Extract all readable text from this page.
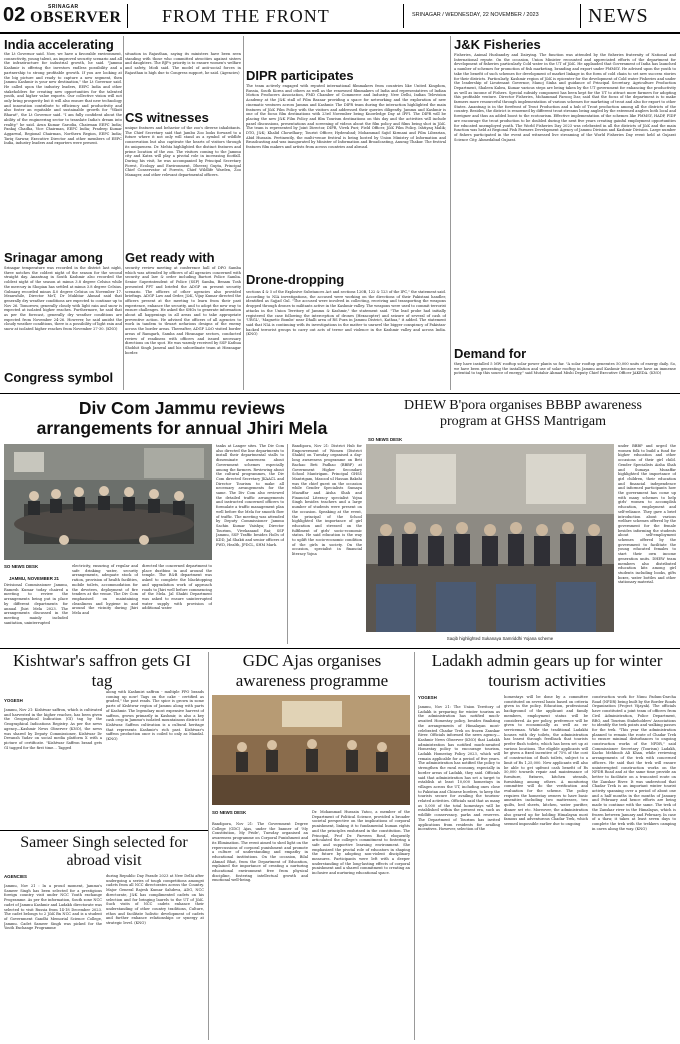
02	SRINAGAR
OBSERVER FROM THE FRONT	SRINAGAR / WEDNESDAY, 22 NOVEMBER / 2023 NEWS
India accelerating
the Lt Governor said. Now, we have a favorable environment, connectivity, young talent, an improved security scenario and all the infrastructure for industrial growth, he said. "Jammu Kashmir is offering the investors endless possibility and a partnership to strong profitable growth. If you are looking at the big picture and ready to capture a new segment, then Jammu Kashmir is your new destination," the Lt Governor said. He called upon the industry leaders, EEPC India and other stakeholders for creating new opportunities for the talented youth, and higher value exports. Our collective vision will not only bring prosperity but it will also ensure that new technology and innovation contribute to efficiency and productivity and also foster an equitable and sustainable growth for "Viksit Bharat", the Lt Governor said. "I am fully confident about the ability of the engineering sector to translate India's dream into reality," he said. Arun Kumar Garodia, Chairman EEPC India; Pankaj Chadha, Vice Chairman, EEPC India; Pradeep Kumar Aggarwal, Regional Chairman, Northern Region, EEPC India; Tariq Sarwar, Executive Director and other members of EEPC India, industry leaders and exporters were present.
situation in Rajasthan, saying its ministers have been seen standing with those who committed atrocities against sisters and daughters. The BJP's priority is to ensure women's welfare and safety, Modi said. The model of anti-social forces in Rajasthan is high due to Congress support, he said. (Agencies)
CS witnesses
unique features and behavior of the zoo's diverse inhabitants. The Chief Secretary said that Jambu Zoo looks forward to a future where it not only will stand as a symbol of wildlife conservation but also captivate the hearts of visitors through its uniqueness. Dr. Mehta highlighted the distinct features and prime location of the zoo. The visitors coming to the Jammu city and Katra will play a pivotal role in increasing footfall. During his visit, he was accompanied by Principal Secretary Forest, Ecology and Environment, Dheeraj Gupta, Principal Chief Conservator of Forests, Chief Wildlife Warden, Zoo Manager, and other relevant departmental officers.
Srinagar among
Srinagar temperature was recorded in the district last night, three notches the coldest night of the season for the second straight day. Anantnag in South Kashmir also recorded the coldest night of the season at minus 3.8 degree Celsius while the mercury in Shopian has settled at minus 3.8 degree Celsius. Gulmarg recorded minus 4.0 degree Celsius on November 17. Meanwhile, Director MeT, Dr Mukhtar Ahmad said that generally dry weather conditions are expected to continue up to Nov 26. Tomorrow, generally cloudy with light rain and snow is expected at isolated higher reaches. Furthermore, he said that as per the forecast, generally dry weather conditions are expected from November 24-26. However, he said amidst the cloudy weather conditions, there is a possibility of light rain and snow at isolated higher reaches from November 27-30. (KNO)
Get ready with
security review meeting at conference hall of DPO Samba which was attended by officers of all agencies concerned with security and law & order including Bartori Police Samba. Senior Superintendent of Police (SSP) Samba, Benam Tosh presented PPT and briefed the ADGP on present security scenario. The officers of other agencies also provided briefings. ADGP Law and Order, J&K, Vijay Kumar directed the officers present at the meeting to learn from their past experience, enhance the security, and to adopt the new way to ensure challenges. He asked the SHOs to generate information about all happenings in all areas and to take appropriate preventive action. He advised the officers of all agencies to work in tandem to thwart nefarious designs of the enemy across the border areas. Thereafter, ADGP L&O visited border areas of Ramgarh, Samba and Hiranagar sectors, conducted review of readiness with officers and issued necessary directions on the spot. He was warmly received by SSP Kathua Shobhit Singh Jamwal and his subordinate team at Hiranagar border.
Congress symbol
DIPR participates
The team actively engaged with reputed international filmmakers from countries like United Kingdom, Russia, South Korea and others as well as the renowned filmmakers of India and representatives of Indian Motion Producers Association, FMD Chamber of Commerce and Industry, New Delhi, Indian Television Academy at the J&K stall of Film Bazaar providing a space for networking and the exploration of new cinematic ventures across Jammu and Kashmir. The DIPR team during the interaction highlighted the main features of J&K Film Policy with the visitors and addressed their queries diligently. Jammu and Kashmir is one of the focus film destinations with 23rd November being Knowledge Day at IFFI. The DIPR will be placing the new J&K Film Policy and film Tourism destinations on this day and the activities will include panel discussions, presentations and screening of videos about the film policy and films being shot in J&K. The team is represented by Joint Director, DIPR, Vivek Puri; Field Officer, J&K Film Policy, Ishtiyaq Malik; DTO, J&K; Khalid Chowdhary; Tourist Officer, Hyderabad; Mohammad Sajid Kirmani and Film Librarian, Abid Hussain. Pertinently, the multi-venue festival is being hosted by Union Ministry of Information and Broadcasting and was inaugurated by Minister of Information and Broadcasting, Anurag Thakur. The festival features film makers and artists from across countries and abroad.
Drone-dropping
sections 4 & 5 of the Explosive Substances Act and sections 120B, 122 & 123 of the IPC," the statement said. According to NIA investigations, the accused were working on the directions of their Pakistani handler, identified as Sajjad Gul. "The accused were involved in collecting, receiving and transporting the weapons dropped through drones to militants active in the Kashmir valley. The weapons were used to commit terrorist attacks in the Union Territory of Jammu & Kashmir," the statement said. "The lead probe had initially registered the case following the interception of drones (Hexacopter) and seizure of several of cash of 'UBGL', 'Magnetic Bombs' near Dhalli area of RS Pura in Jammu District, Kathua," it added. The statement said that NIA is continuing with its investigations in the matter to unravel the bigger conspiracy of Pakistan-backed terrorist groups to carry out acts of terror and violence in the Kashmir valley and across India. (KNO)
J&K Fisheries
Fisheries, Animal Husbandry and Dairying. The function was attended by the fisheries fraternity of National and International repute. On the occasion, Union Minister recounted and appreciated efforts of the department for development of fisheries particularly Cold water in the UT of J&K. He applauded that Government of India has launched a number of schemes for promotion of fish marketing, branding and export under PMMSY. He advised upon the youth to take the benefit of such schemes for development of market linkage in the form of cold chain to set new success stories for their districts. Particularly, Kashmir region of J&K is epicenter for the development of Cold water Fisheries and under the leadership of Lieutenant Governor, Manoj Sinha and guidance of Principal Secretary, Agriculture Production Department, Shaleen Kabra, Kumar various steps are being taken by the UT government for enhancing the productivity as well as income of Fishers. Special subsidy component has been kept for the UT to attract more farmers for adopting this profitable venture. Director Fisheries, Mohammad Farooq Dar, said that the focus of the department is to make farmers more resourceful through implementation of various schemes for marketing of trout and also for export to other States. Anantnag is in the forefront of Trout Production and a hub of Trout production among all the districts of the country. Besides, the district is renowned by different trout streams being angled by the esteemed anglers both local and foreigner and thus an added boost to the ecotourism. Effective implementation of the schemes like PMMSY, HADP, FIDF are encourage the trout production to be doubled during the next five years creating gainful employment opportunities for educated unemployed youth. The World Fisheries Day 2023 was celebrated in all the districts of J&K and the main function was held at Regional Fish Farmers Development Agency of Jammu Division and Kashmir Division. Large number of fishers participated in the event and witnessed live streaming of the World Fisheries Day event held at Gujarat Science City, Ahmedabad Gujarat.
Demand for
they have installed 5 MW rooftop solar power plants so far. "A solar rooftop generates 50,000 units of energy daily. So, we have been generating the installation and use of solar rooftop in Jammu and Kashmir because we have an immense potential to tap this source of energy," said Mutahir Ahmad Mishi Deputy Chief Executive Officer JAKEDA. (KNO)
Div Com Jammu reviews arrangements for annual Jhiri Mela
SO NEWS DESK
JAMMU, NOVEMBER 21
Divisional Commissioner Jammu, Ramesh Kumar today chaired a meeting to review the arrangements being put in place by different departments for annual Jhiri Mela 2023. The arrangements discussed in the meeting mainly included sanitation, uninterrupted
electricity, ensuring of regular and safe drinking water, security arrangements, adequate stock of ration, provision of health facilities, mobile toilets, accommodation for the devotees, deployment of fire tenders at the venue. The Div Com emphasised on maintaining cleanliness and hygiene in and around the vicinity during Jhiri Mela and
directed the concerned department to place dustbins in and around the temple. The R&B department was asked to complete the blacktopping and upgradation work of approach roads to Jhiri well before commencing of the Mela. Jal Shakti Department was asked to ensure uninterrupted water supply with provision of additional water
tanks at Langer sites. The Div Com also directed the line departments to install their departmental stalls to disseminate awareness about Government schemes especially among the farmers. Reviewing about the cultural programmes, the Div Com directed Secretary JKAACL and Director Tourism to make all necessary arrangements for the same. The Div Com also reviewed the detailed traffic arrangements and instructed concerned officers to formulate a traffic management plan well before the Mela for smooth flow of traffic. The meeting was attended by Deputy Commissioner Jammu Sachin Kumar Vaishya; Director Tourism, Vivekanand Rai; SSP Jammu, SSP Traffic besides HoDs of KDD, Jal Shakti and senior officers of PWD, Health, JPDCL, SHM Marh.
DHEW B'pora organises BBBP awareness program at GHSS Mantrigam
SO NEWS DESK
Bandipora, Nov 21: District Hub for Empowerment of Women (District Shakti) on Tuesday organised a day-long awareness programme on Beti Bachao Beti Padhao (BBBP) at Government Higher Secondary School Mantrigam. Principal GHSS Mantrigam, Masood ul Hassan Bakshi was the chief guest on the occasion while Gender Specialists Sumaya Muzaffar and Aisha Shah and Financial Literacy specialist Yojna Singh besides teachers and a large number of students were present on the occasion. Speaking at the event, the principal of the School highlighted the importance of girl education and stressed on the fulfilment of girls' socio-economic status. He said education is the way to uplift the socio-economic condition of the girls in society. On the occasion, specialist in financial literacy Yojna
Saqib highlighted Sukanaya Samriddhi Yojana scheme
under BBBP and urged the women folk to build a fund for higher education and other occasions of their girl child. Gender Specialists Aisha Shah and Sumaya Muzaffar highlighted the importance of girl children, their education and financial independence and informed participants how the government has come up with many schemes to help girls' women to accomplish education, employment and self-reliance. They gave a brief introduction about various welfare schemes offered by the government for the female besides informing the students about self-employment schemes offered by the government to facilitate the young educated females to start their own income generation units. DHEW team members also distributed education kits among girl students including books, gifts boxes, water bottles and other stationary material.
Kishtwar's saffron gets GI tag
YOGESH
Jammu, Nov 21: Kishtwar saffron, which is cultivated and harvested in the higher reaches, has been given the Geographical Indication (GI) tag by the Geographical Indications Registry. As per the news agency—Kashmir News Observer (KNO), the news was shared by Deputy Commissioner, Kishtwar Dr Devansh Yadav on social media platform X with a picture of certificate. "Kishtwar Saffron brand gets GI tagged for the first time… Tagged
along with Kashmiri saffron - multiple FPO brands coming up now! Tags on the cake - certified as graded," the post reads. The spice is grown in some parts of Kishtwar region of Jammu along with parts of Kashmir. The legendary most expensive harvest of saffron, grown primarily in Kashmir, is also a key cash crop in Jammu's isolated mountainous district of Kishtwar. Saffron cultivation is a cultural heritage that represents Kashmir's rich past. Kishtwar's saffron production once is coiled to only as Mandal. (KNO)
Sameer Singh selected for abroad visit
AGENCIES
Jammu, Nov 21 : In a proud moment, Jammu's Sameer Singh has been selected for a prestigious foreign country visit under NCC Youth exchange Programme. As per the information, South zone NCC cadet of Jammu Kashmir and Ladakh directorate was selected to visit Russia from 14-18 December 2023. The cadet belongs to 2 J&K Bn NCC and is a student of Government Gandhi Memorial Science College, Jammu. Cadet Sameer Singh was picked for the Youth Exchange Programme
during Republic Day Parade 2023 at New Delhi after undergoing a series of tough competitions amongst cadets from all NCC directorates across the Country. Major General Rajesh Kumar Sahdeva, ADG, NCC directorate, J&K has complimented cadets on his selection and for bringing laurels to the UT of J&K. Such visits of NCC cadets enhance their understanding of other country traditions, Culture, ethos and facilitate holistic development of cadets and further enhance relationships or synergy at strategic level. (KNO)
GDC Ajas organises awareness programme
SO NEWS DESK
Bandipora, Nov 21: The Government Degree College (GDC) Ajas, under the banner of 'My Constitution, My Pride', Tuesday organised an awareness programme on Corporal Punishment and its Elimination. The event aimed to shed light on the repercussions of corporal punishment and promote a culture of understanding and empathy in educational institutions. On the occasion, Bilal Ahmad Bhat, from the Department of Education, explained the importance of creating a nurturing educational environment free from physical discipline, fostering intellectual growth and emotional well-being.
Dr. Mohammad Hussain Yatoo, a member of the Department of Political Science, provided a broader societal perspective on the implications of corporal punishment, linking it to fundamental human rights and the principles enshrined in the constitution. The Principal, Prof Dr. Parveen Rouf, eloquently articulated the college's commitment to fostering a safe and supportive learning environment. She emphasized the pivotal role of educators in shaping the future by adopting non-violent disciplinary measures. Participants were left with a deeper understanding of the long-lasting effects of corporal punishment and a shared commitment to creating an inclusive and nurturing educational space.
Ladakh admin gears up for winter tourism activities
YOGESH
Jammu, Nov 21: The Union Territory of Ladakh is preparing for winter tourism as the administration has notified much-awaited Homestay policy, besides finalizing the arrangements of Himalayan most-celebrated Chadar Trek on frozen Zanskar River. Officials informed the news agency—Kashmir News Observer (KNO) that Ladakh administration has notified much-awaited Homestay policy to encourage tourism, Ladakh Homestay Policy 2023, which will remain applicable for a period of five years. The administration has notified the policy to strengthen the rural economy, especially in border areas of Ladakh, they said. Officials said that administration has set a target to establish at least 10,000 homestays in villages across the UT, including ones close to Pakistan and Chinese borders, to keep the tourists secure for availing the tourism-related activities. Officials said that as many as 5,000 of the total homestays will be established within the present era, such as wildlife conservancy, parks and reserves. The Department of Tourism has invited applications from residents for availing incentives. However, selection of the
homestays will be done by a committee constituted on several basis based on criteria given in the policy. Education, professional background of the applicant and family members, employment status will be considered. As per policy, preference will be given to economically as well as ex-serviceman. While the traditional Ladakhi houses with dry toilets, the administration has learnt through feedback that tourists prefer flush toilets, which has been set up at various locations. The eligible applicants will be given a fixed incentive of 75% of the cost of construction of flush toilets, subject to a limit of Rs 1,25,000. New applicants will also be able to get upfront cash benefit of Rs 50,000 towards repair and maintenance of furniture, fixtures, kitchen utensils, furnishing among others. A monitoring committee will do the verification and evaluation for the scheme. The policy requires the homestay owners to have basic amenities including two mattresses, two quilts, bed sheets, kitchen, water purifier, dinner set etc. Moreover, the administration also geared up for holding Himalayan most famous and adventurous Chadar Trek, which seemed impossible earlier due to ongoing
construction work for Nimu Padum-Darcha Road (NPDR) being built by the Border Roads Organisation (Project Vijayak). The officials have constituted a joint team of officers from Civil Administration, Police Department, BRO, and Tourism Stakeholders' Associations to identify the trek points and walking passes for the trek. "This year the administration planned to remain the route of Chadar Trek to ensure minimal disturbances to ongoing construction works of the NPDR," said Commissioner Secretary (Tourism) Ladakh, Kacho Mehboob Ali Khan, while reviewing arrangements of the trek with concerned officers. He said that the trek will ensure uninterrupted construction works on the NPDR Road and at the same time provide an better to facilitate on a truncated route on the Zanskar River. It was understood that Chadar Trek is an important winter tourist activity spanning over a period of about one and a half months in the months of January and February and hence efforts are being made to continue with the same. The trek of the Zanskar river in the Himalayas, which is frozen between January and February. In case of a thaw, it takes at least seven days to complete the trek with the trekkers camping in caves along the way. (KNO)
